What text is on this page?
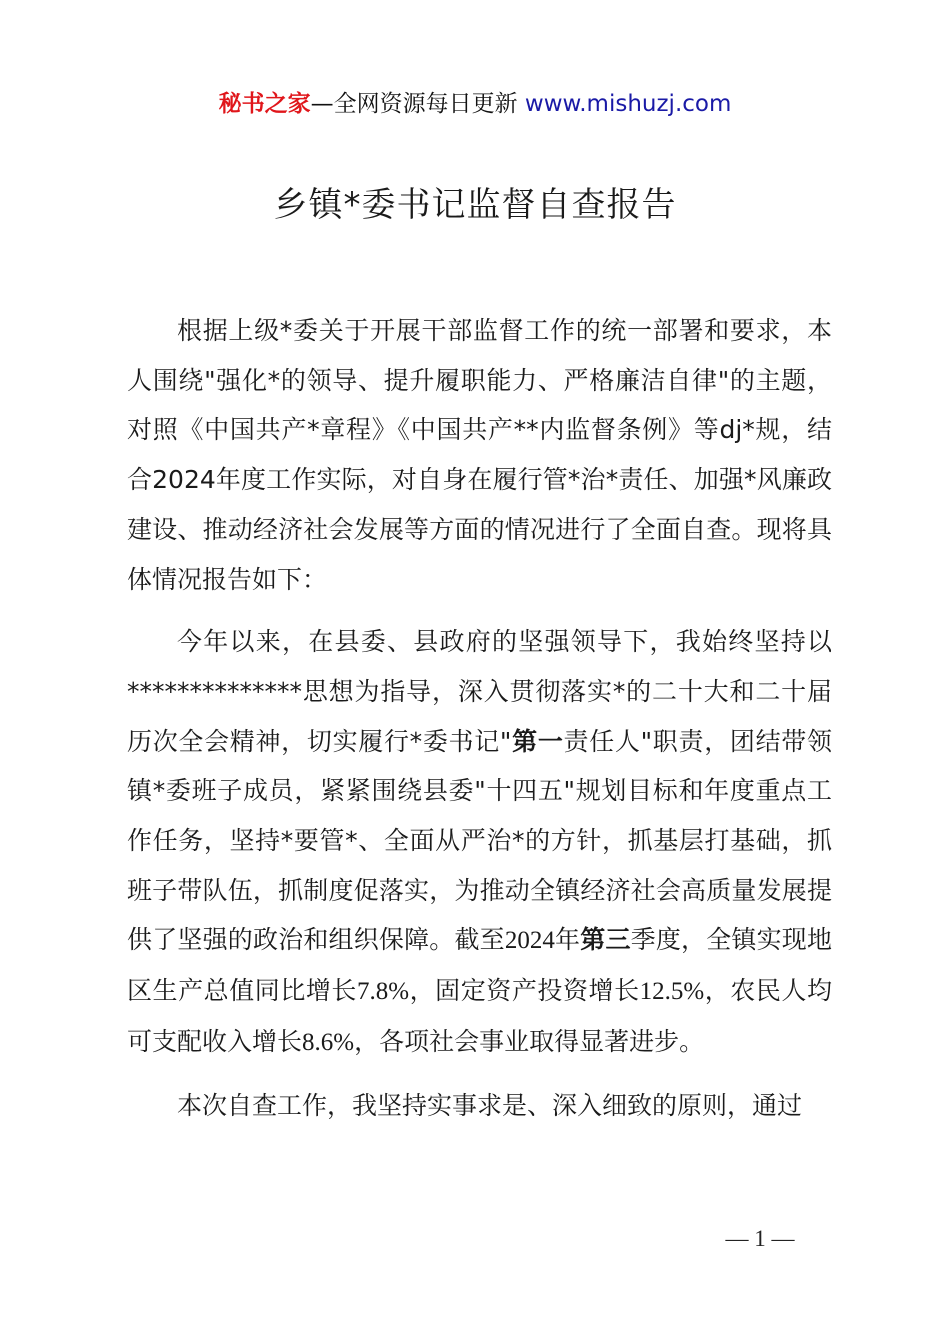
秘书之家—全网资源每日更新 www.mishuzj.com
乡镇*委书记监督自查报告

根据上级*委关于开展干部监督工作的统一部署和要求，本人围绕"强化*的领导、提升履职能力、严格廉洁自律"的主题，对照《中国共产*章程》《中国共产**内监督条例》等dj*规，结合2024年度工作实际，对自身在履行管*治*责任、加强*风廉政建设、推动经济社会发展等方面的情况进行了全面自查。现将具体情况报告如下：

今年以来，在县委、县政府的坚强领导下，我始终坚持以**************思想为指导，深入贯彻落实*的二十大和二十届历次全会精神，切实履行*委书记"第一责任人"职责，团结带领镇*委班子成员，紧紧围绕县委"十四五"规划目标和年度重点工作任务，坚持*要管*、全面从严治*的方针，抓基层打基础，抓班子带队伍，抓制度促落实，为推动全镇经济社会高质量发展提供了坚强的政治和组织保障。截至2024年第三季度，全镇实现地区生产总值同比增长7.8%，固定资产投资增长12.5%，农民人均可支配收入增长8.6%，各项社会事业取得显著进步。

本次自查工作，我坚持实事求是、深入细致的原则，通过

— 1 —
